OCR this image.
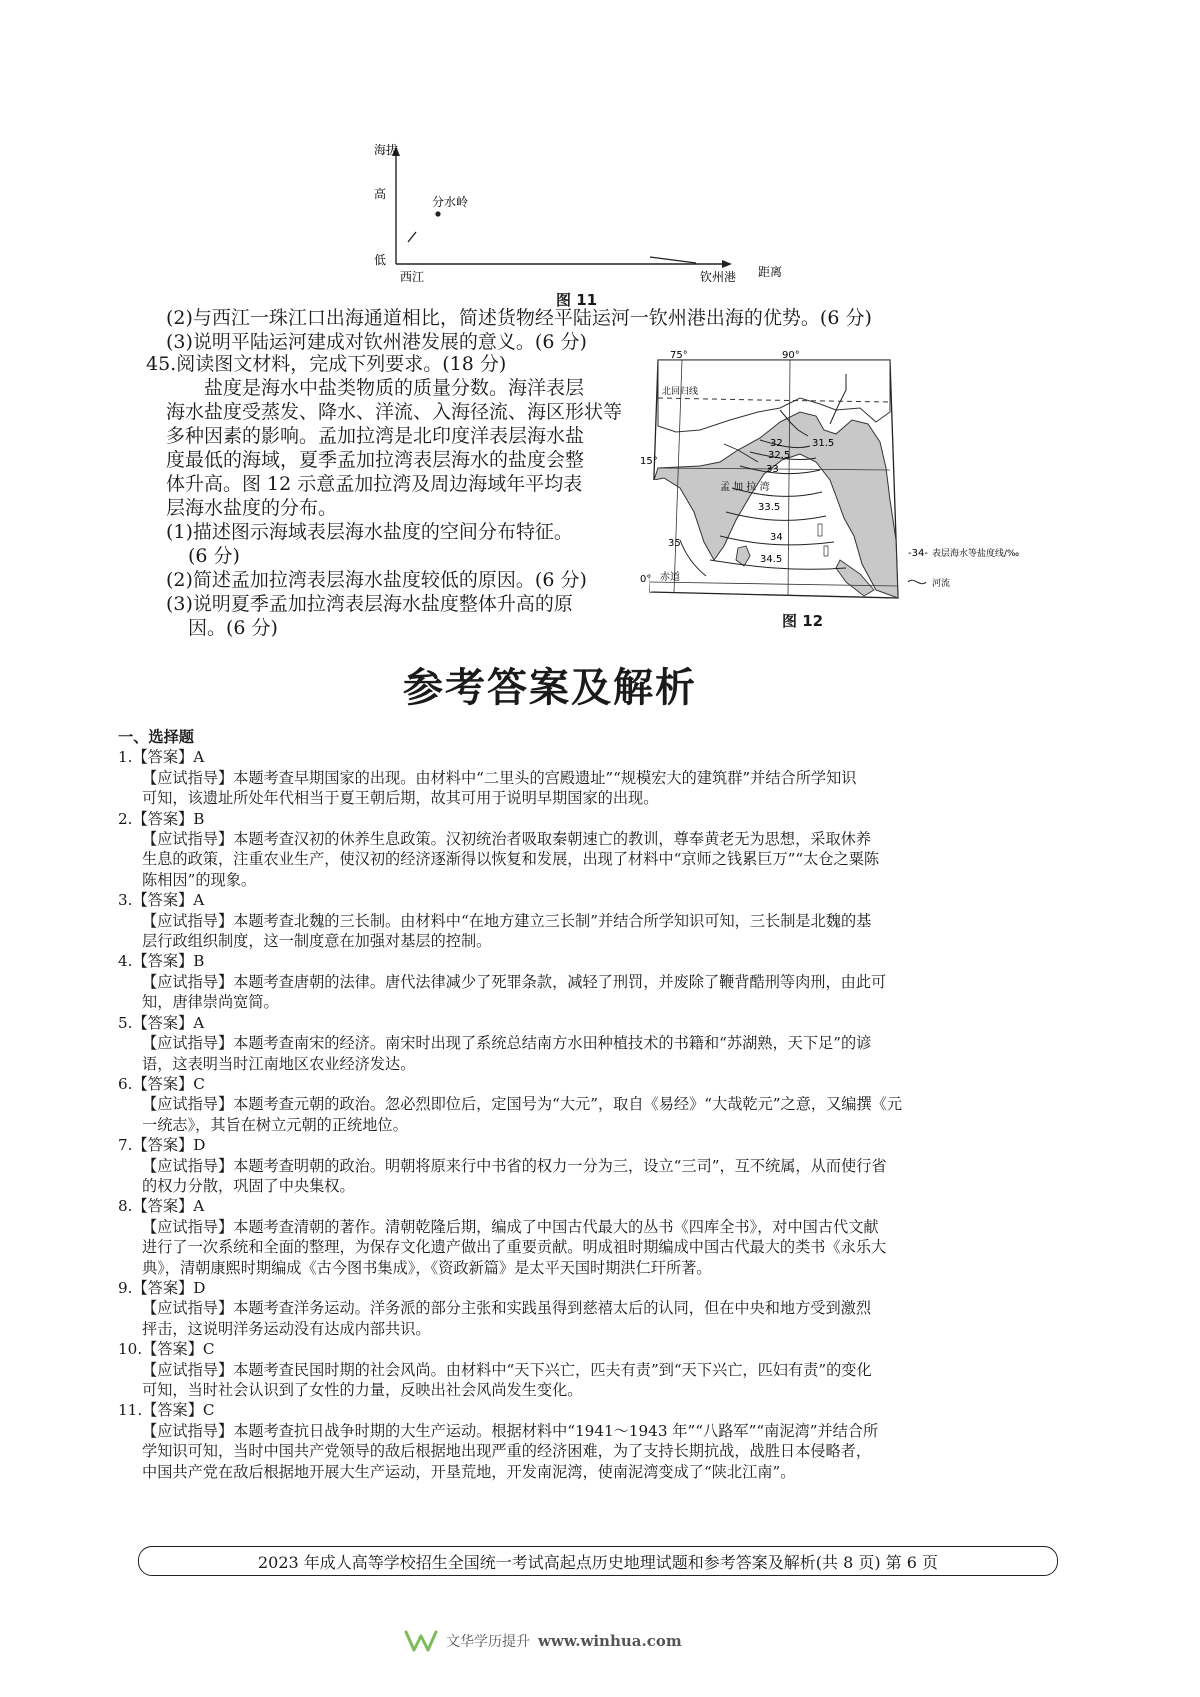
海拔
高
低
分水岭
西江	钦州港 距离
图 11
(2)与西江一珠江口出海通道相比，简述货物经平陆运河一钦州港出海的优势。(6 分)
(3)说明平陆运河建成对钦州港发展的意义。(6 分)
45.阅读图文材料，完成下列要求。(18 分)
盐度是海水中盐类物质的质量分数。海洋表层
海水盐度受蒸发、降水、洋流、入海径流、海区形状等
多种因素的影响。孟加拉湾是北印度洋表层海水盐
度最低的海域，夏季孟加拉湾表层海水的盐度会整
体升高。图 12 示意孟加拉湾及周边海域年平均表
层海水盐度的分布。
(1)描述图示海域表层海水盐度的空间分布特征。
(6 分)
(2)简述孟加拉湾表层海水盐度较低的原因。(6 分)
(3)说明夏季孟加拉湾表层海水盐度整体升高的原
因。(6 分)
75°	90°
15°
0°
北回归线
赤道
孟 加 拉 湾
31.5
32
32.5
33
33.5
34
34.5
35
-34- 表层海水等盐度线/‰
河流
图 12
参考答案及解析
一、选择题
1.【答案】A
【应试指导】本题考查早期国家的出现。由材料中“二里头的宫殿遗址”“规模宏大的建筑群”并结合所学知识
可知，该遗址所处年代相当于夏王朝后期，故其可用于说明早期国家的出现。
2.【答案】B
【应试指导】本题考查汉初的休养生息政策。汉初统治者吸取秦朝速亡的教训，尊奉黄老无为思想，采取休养
生息的政策，注重农业生产，使汉初的经济逐渐得以恢复和发展，出现了材料中“京师之钱累巨万”“太仓之粟陈
陈相因”的现象。
3.【答案】A
【应试指导】本题考查北魏的三长制。由材料中“在地方建立三长制”并结合所学知识可知，三长制是北魏的基
层行政组织制度，这一制度意在加强对基层的控制。
4.【答案】B
【应试指导】本题考查唐朝的法律。唐代法律减少了死罪条款，减轻了刑罚，并废除了鞭背酷刑等肉刑，由此可
知，唐律崇尚宽简。
5.【答案】A
【应试指导】本题考查南宋的经济。南宋时出现了系统总结南方水田种植技术的书籍和“苏湖熟，天下足”的谚
语，这表明当时江南地区农业经济发达。
6.【答案】C
【应试指导】本题考查元朝的政治。忽必烈即位后，定国号为“大元”，取自《易经》“大哉乾元”之意，又编撰《元
一统志》，其旨在树立元朝的正统地位。
7.【答案】D
【应试指导】本题考查明朝的政治。明朝将原来行中书省的权力一分为三，设立“三司”，互不统属，从而使行省
的权力分散，巩固了中央集权。
8.【答案】A
【应试指导】本题考查清朝的著作。清朝乾隆后期，编成了中国古代最大的丛书《四库全书》，对中国古代文献
进行了一次系统和全面的整理，为保存文化遗产做出了重要贡献。明成祖时期编成中国古代最大的类书《永乐大
典》，清朝康熙时期编成《古今图书集成》，《资政新篇》是太平天国时期洪仁玕所著。
9.【答案】D
【应试指导】本题考查洋务运动。洋务派的部分主张和实践虽得到慈禧太后的认同，但在中央和地方受到激烈
抨击，这说明洋务运动没有达成内部共识。
10.【答案】C
【应试指导】本题考查民国时期的社会风尚。由材料中“天下兴亡，匹夫有责”到“天下兴亡，匹妇有责”的变化
可知，当时社会认识到了女性的力量，反映出社会风尚发生变化。
11.【答案】C
【应试指导】本题考查抗日战争时期的大生产运动。根据材料中“1941～1943 年”“八路军”“南泥湾”并结合所
学知识可知，当时中国共产党领导的敌后根据地出现严重的经济困难，为了支持长期抗战，战胜日本侵略者，
中国共产党在敌后根据地开展大生产运动，开垦荒地，开发南泥湾，使南泥湾变成了“陕北江南”。
2023 年成人高等学校招生全国统一考试高起点历史地理试题和参考答案及解析(共 8 页) 第 6 页
文华学历提升 www.winhua.com
